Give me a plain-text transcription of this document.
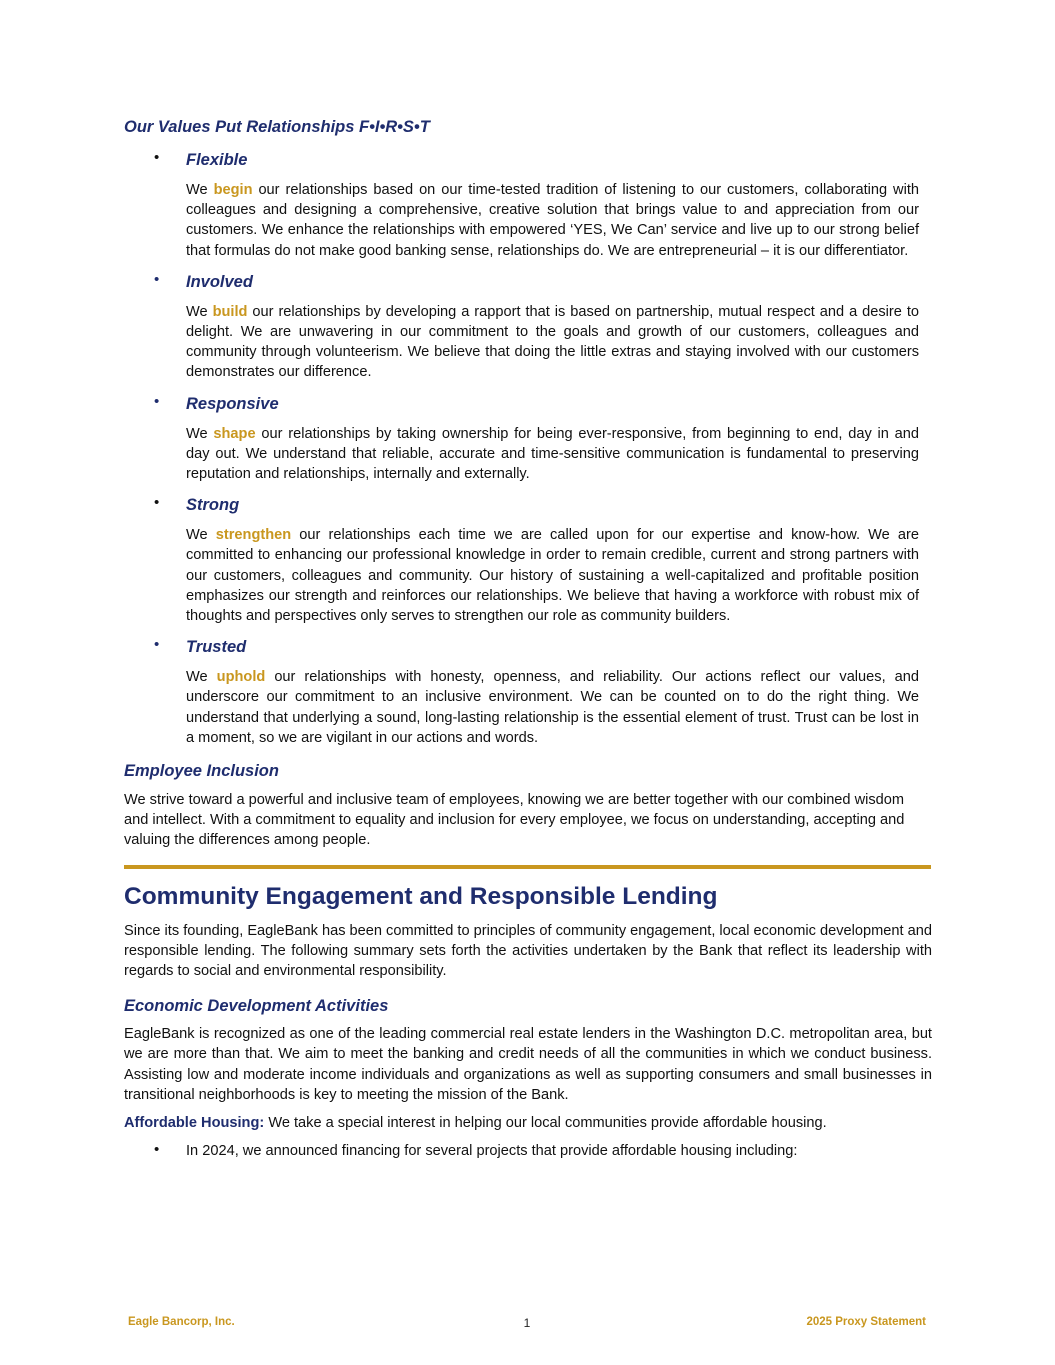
Our Values Put Relationships F•I•R•S•T
• Flexible

We begin our relationships based on our time-tested tradition of listening to our customers, collaborating with colleagues and designing a comprehensive, creative solution that brings value to and appreciation from our customers. We enhance the relationships with empowered ‘YES, We Can’ service and live up to our strong belief that formulas do not make good banking sense, relationships do. We are entrepreneurial – it is our differentiator.

• Involved

We build our relationships by developing a rapport that is based on partnership, mutual respect and a desire to delight. We are unwavering in our commitment to the goals and growth of our customers, colleagues and community through volunteerism. We believe that doing the little extras and staying involved with our customers demonstrates our difference.

• Responsive

We shape our relationships by taking ownership for being ever-responsive, from beginning to end, day in and day out. We understand that reliable, accurate and time-sensitive communication is fundamental to preserving reputation and relationships, internally and externally.

• Strong

We strengthen our relationships each time we are called upon for our expertise and know-how. We are committed to enhancing our professional knowledge in order to remain credible, current and strong partners with our customers, colleagues and community. Our history of sustaining a well-capitalized and profitable position emphasizes our strength and reinforces our relationships. We believe that having a workforce with robust mix of thoughts and perspectives only serves to strengthen our role as community builders.

• Trusted

We uphold our relationships with honesty, openness, and reliability. Our actions reflect our values, and underscore our commitment to an inclusive environment. We can be counted on to do the right thing. We understand that underlying a sound, long-lasting relationship is the essential element of trust. Trust can be lost in a moment, so we are vigilant in our actions and words.

Employee Inclusion

We strive toward a powerful and inclusive team of employees, knowing we are better together with our combined wisdom and intellect. With a commitment to equality and inclusion for every employee, we focus on understanding, accepting and valuing the differences among people.

Community Engagement and Responsible Lending

Since its founding, EagleBank has been committed to principles of community engagement, local economic development and responsible lending. The following summary sets forth the activities undertaken by the Bank that reflect its leadership with regards to social and environmental responsibility.

Economic Development Activities

EagleBank is recognized as one of the leading commercial real estate lenders in the Washington D.C. metropolitan area, but we are more than that. We aim to meet the banking and credit needs of all the communities in which we conduct business. Assisting low and moderate income individuals and organizations as well as supporting consumers and small businesses in transitional neighborhoods is key to meeting the mission of the Bank.

Affordable Housing: We take a special interest in helping our local communities provide affordable housing.
• In 2024, we announced financing for several projects that provide affordable housing including:
Eagle Bancorp, Inc.	1	2025 Proxy Statement
